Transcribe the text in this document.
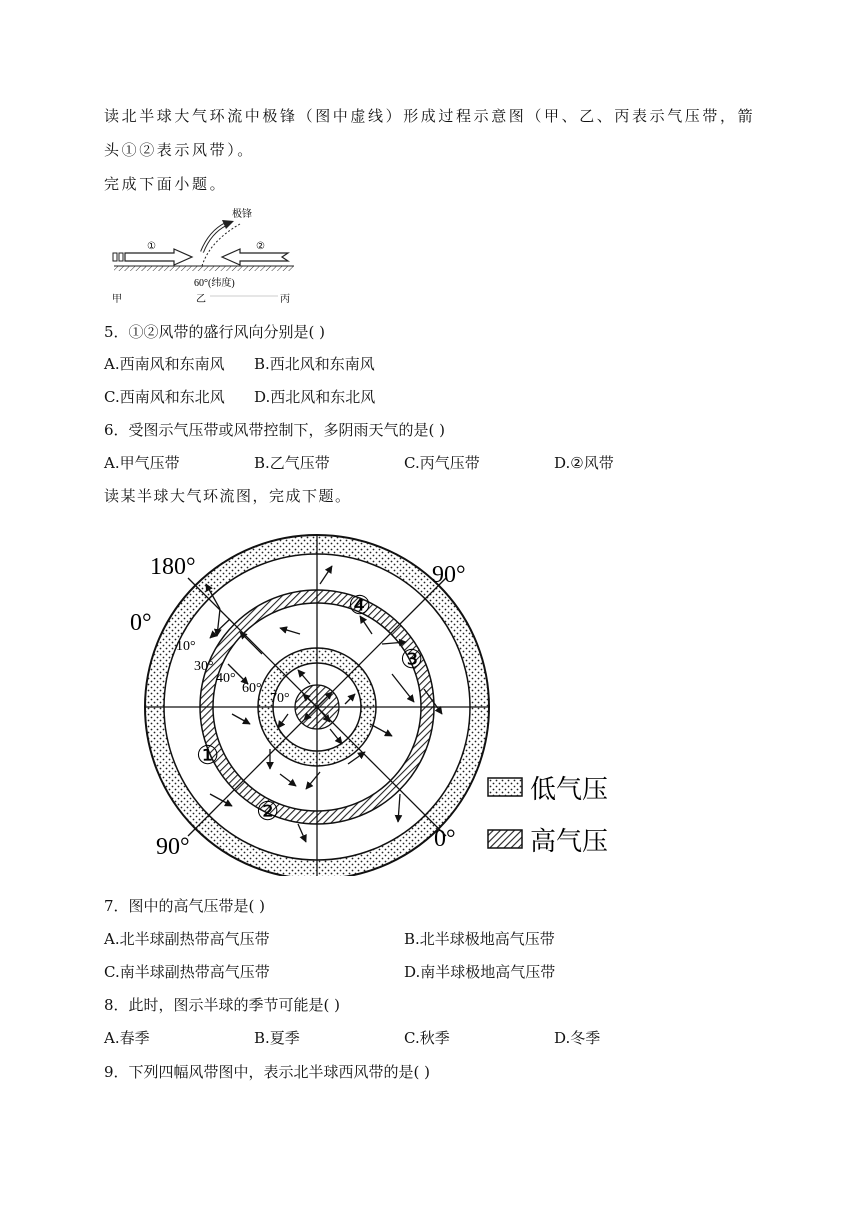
读北半球大气环流中极锋（图中虚线）形成过程示意图（甲、乙、丙表示气压带，箭
头①②表示风带）。
完成下面小题。
极锋
①	②
60°(纬度)
甲	乙	丙
5．①②风带的盛行风向分别是( )
A.西南风和东南风 B.西北风和东南风
C.西南风和东北风 D.西北风和东北风
6．受图示气压带或风带控制下，多阴雨天气的是( )
A.甲气压带	B.乙气压带	C.丙气压带	D.②风带
读某半球大气环流图，完成下题。
180°	90°
0°
90°	0°
10°
30°
40°
60°
70°
①
②
③
④
低气压
高气压
7．图中的高气压带是( )
A.北半球副热带高气压带	B.北半球极地高气压带
C.南半球副热带高气压带	D.南半球极地高气压带
8．此时，图示半球的季节可能是( )
A.春季	B.夏季	C.秋季	D.冬季
9．下列四幅风带图中，表示北半球西风带的是( )
